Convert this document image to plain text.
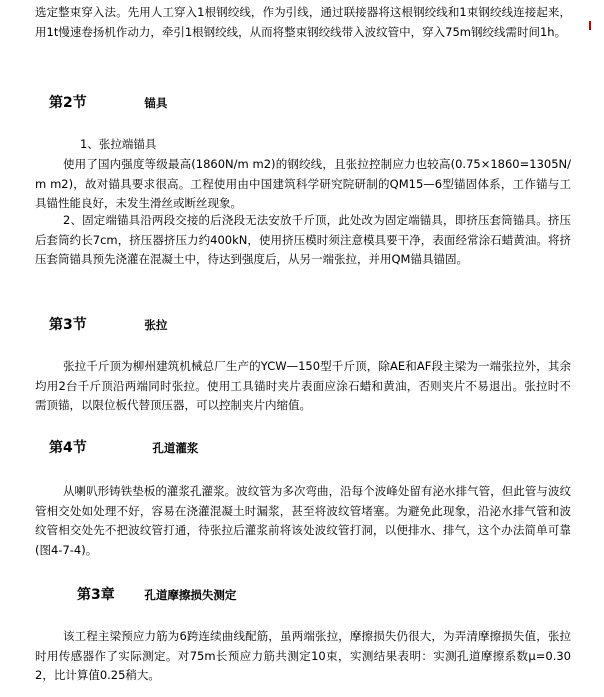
选定整束穿入法。先用人工穿入1根钢绞线，作为引线，通过联接器将这根钢绞线和1束钢绞线连接起来，用1t慢速卷扬机作动力，牵引1根钢绞线，从而将整束钢绞线带入波纹管中，穿入75m钢绞线需时间1h。

第2节	锚具

1、张拉端锚具

使用了国内强度等级最高(1860N/m m2)的钢绞线，且张拉控制应力也较高(0.75×1860=1305N/m m2)，故对锚具要求很高。工程使用由中国建筑科学研究院研制的QM15—6型锚固体系，工作锚与工具锚性能良好，未发生滑丝或断丝现象。

2、固定端锚具沿两段交接的后浇段无法安放千斤顶，此处改为固定端锚具，即挤压套筒锚具。挤压后套筒约长7cm，挤压器挤压力约400kN，使用挤压模时须注意模具要干净，表面经常涂石蜡黄油。将挤压套筒锚具预先浇灌在混凝土中，待达到强度后，从另一端张拉，并用QM锚具锚固。

第3节	张拉

张拉千斤顶为柳州建筑机械总厂生产的YCW—150型千斤顶，除AE和AF段主梁为一端张拉外，其余均用2台千斤顶沿两端同时张拉。使用工具锚时夹片表面应涂石蜡和黄油，否则夹片不易退出。张拉时不需顶锚，以限位板代替顶压器，可以控制夹片内缩值。

第4节	孔道灌浆

从喇叭形铸铁垫板的灌浆孔灌浆。波纹管为多次弯曲，沿每个波峰处留有泌水排气管，但此管与波纹管相交处如处理不好，容易在浇灌混凝土时漏浆，甚至将波纹管堵塞。为避免此现象，沿泌水排气管和波纹管相交处先不把波纹管打通，待张拉后灌浆前将该处波纹管打洞，以便排水、排气，这个办法简单可靠(图4-7-4)。

第3章	孔道摩擦损失测定

该工程主梁预应力筋为6跨连续曲线配筋，虽两端张拉，摩擦损失仍很大，为弄清摩擦损失值，张拉时用传感器作了实际测定。对75m长预应力筋共测定10束，实测结果表明：实测孔道摩擦系数μ=0.302，比计算值0.25稍大。
